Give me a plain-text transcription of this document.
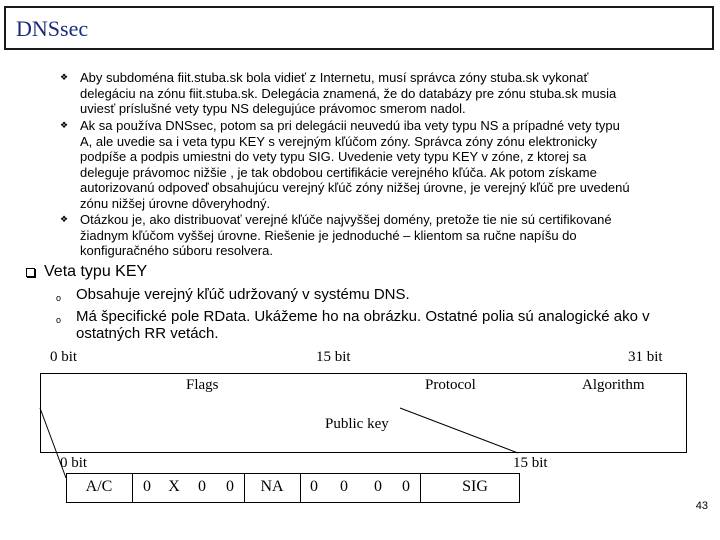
DNSsec
❖ Aby subdoména fiit.stuba.sk bola vidieť z Internetu, musí správca zóny stuba.sk vykonať
delegáciu na zónu fiit.stuba.sk. Delegácia znamená, že do databázy pre zónu stuba.sk musia
uviesť príslušné vety typu NS delegujúce právomoc smerom nadol.
❖ Ak sa používa DNSsec, potom sa pri delegácii neuvedú iba vety typu NS a prípadné vety typu
A, ale uvedie sa i veta typu KEY s verejným kľúčom zóny. Správca zóny zónu elektronicky
podpíše a podpis umiestni do vety typu SIG. Uvedenie vety typu KEY v zóne, z ktorej sa
deleguje právomoc nižšie , je tak obdobou certifikácie verejného kľúča. Ak potom získame
autorizovanú odpoveď obsahujúcu verejný kľúč zóny nižšej úrovne, je verejný kľúč pre uvedenú
zónu nižšej úrovne dôveryhodný.
❖ Otázkou je, ako distribuovať verejné kľúče najvyššej domény, pretože tie nie sú certifikované
žiadnym kľúčom vyššej úrovne. Riešenie je jednoduché – klientom sa ručne napíšu do
konfiguračného súboru resolvera.
Veta typu KEY
o Obsahuje verejný kľúč udržovaný v systému DNS.
o Má špecifické pole RData. Ukážeme ho na obrázku. Ostatné polia sú analogické ako v
ostatných RR vetách.
0 bit	15 bit	31 bit
Flags	Protocol	Algorithm
Public key
0 bit	15 bit
A/C	0	X	0	0	NA	0	0	0	0	SIG
43
